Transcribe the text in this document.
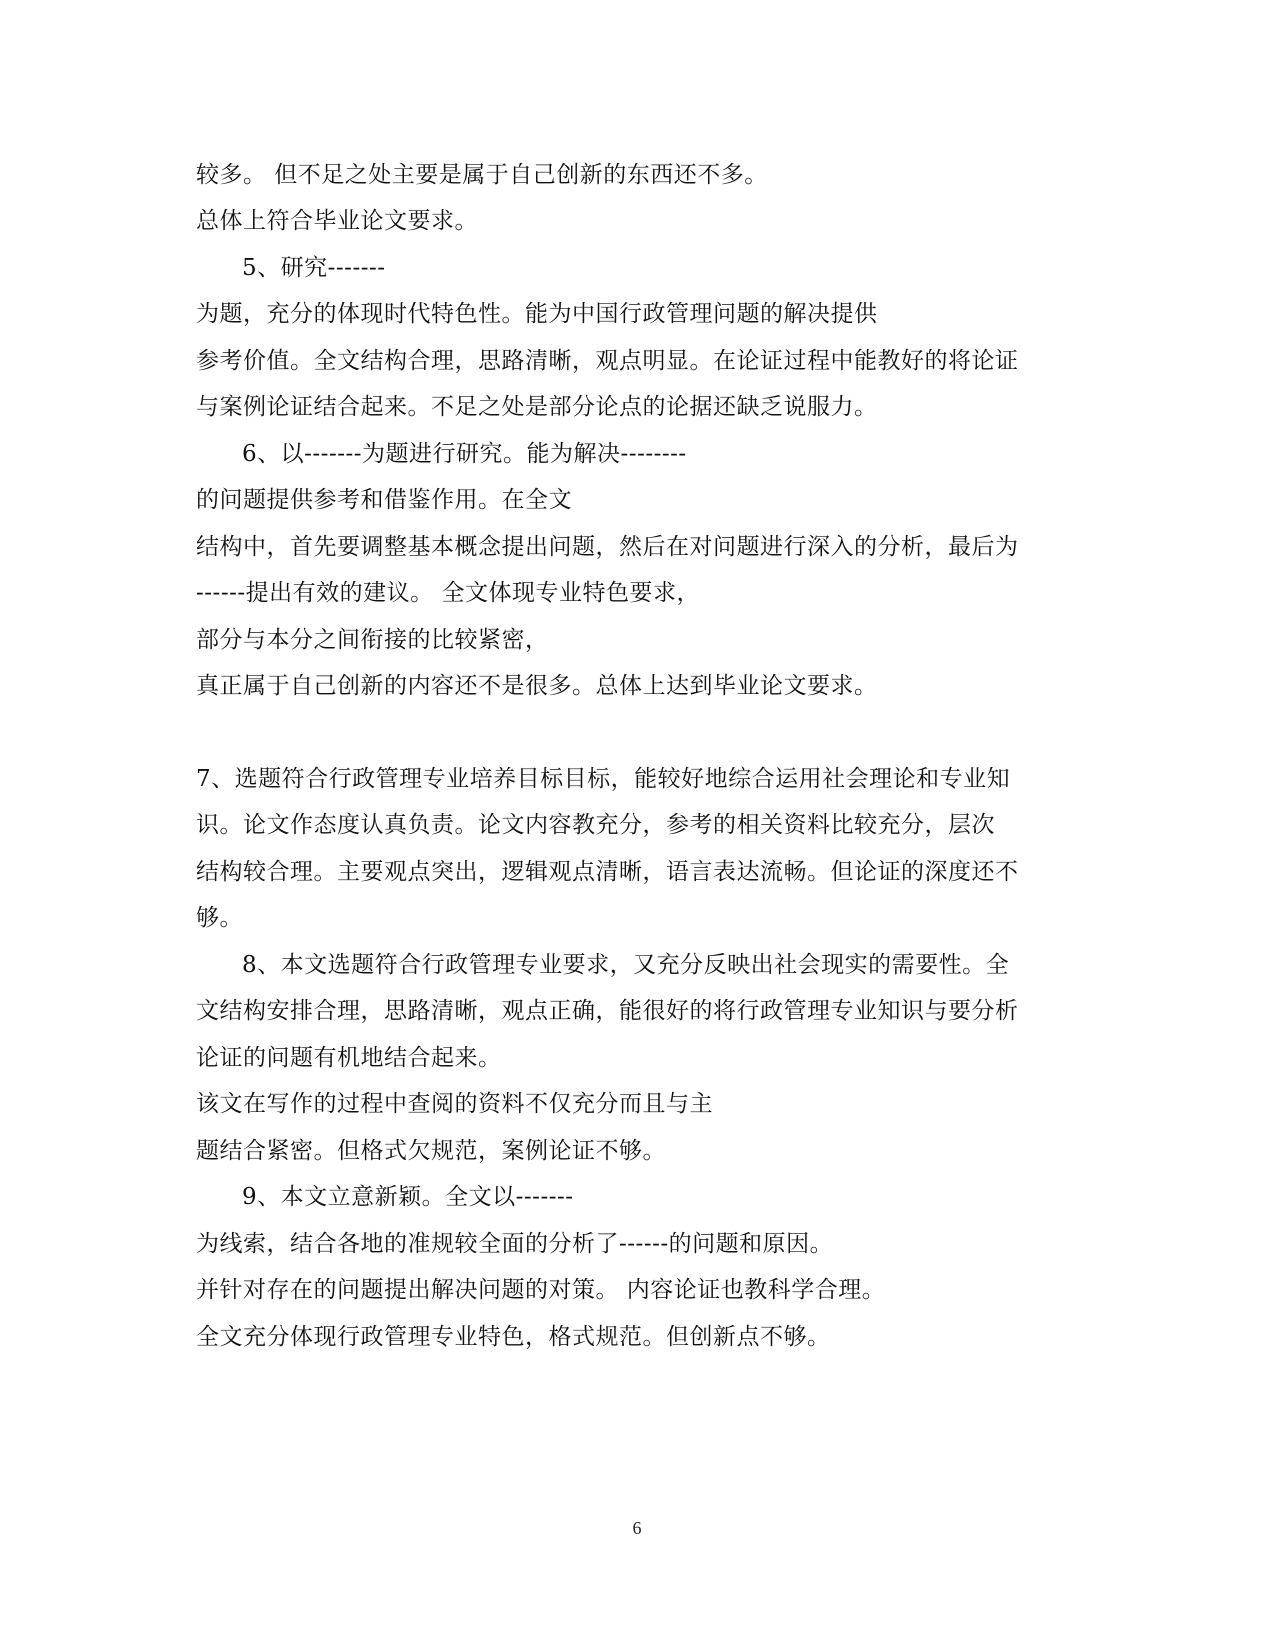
较多。 但不足之处主要是属于自己创新的东西还不多。
总体上符合毕业论文要求。
5、研究-------
为题，充分的体现时代特色性。能为中国行政管理问题的解决提供
参考价值。全文结构合理，思路清晰，观点明显。在论证过程中能教好的将论证
与案例论证结合起来。不足之处是部分论点的论据还缺乏说服力。
6、以-------为题进行研究。能为解决--------
的问题提供参考和借鉴作用。在全文
结构中，首先要调整基本概念提出问题，然后在对问题进行深入的分析，最后为
------提出有效的建议。 全文体现专业特色要求，
部分与本分之间衔接的比较紧密，
真正属于自己创新的内容还不是很多。总体上达到毕业论文要求。
7、选题符合行政管理专业培养目标目标，能较好地综合运用社会理论和专业知
识。论文作态度认真负责。论文内容教充分，参考的相关资料比较充分，层次
结构较合理。主要观点突出，逻辑观点清晰，语言表达流畅。但论证的深度还不
够。
8、本文选题符合行政管理专业要求，又充分反映出社会现实的需要性。全
文结构安排合理，思路清晰，观点正确，能很好的将行政管理专业知识与要分析
论证的问题有机地结合起来。
该文在写作的过程中查阅的资料不仅充分而且与主
题结合紧密。但格式欠规范，案例论证不够。
9、本文立意新颖。全文以-------
为线索，结合各地的准规较全面的分析了------的问题和原因。
并针对存在的问题提出解决问题的对策。 内容论证也教科学合理。
全文充分体现行政管理专业特色，格式规范。但创新点不够。
6
